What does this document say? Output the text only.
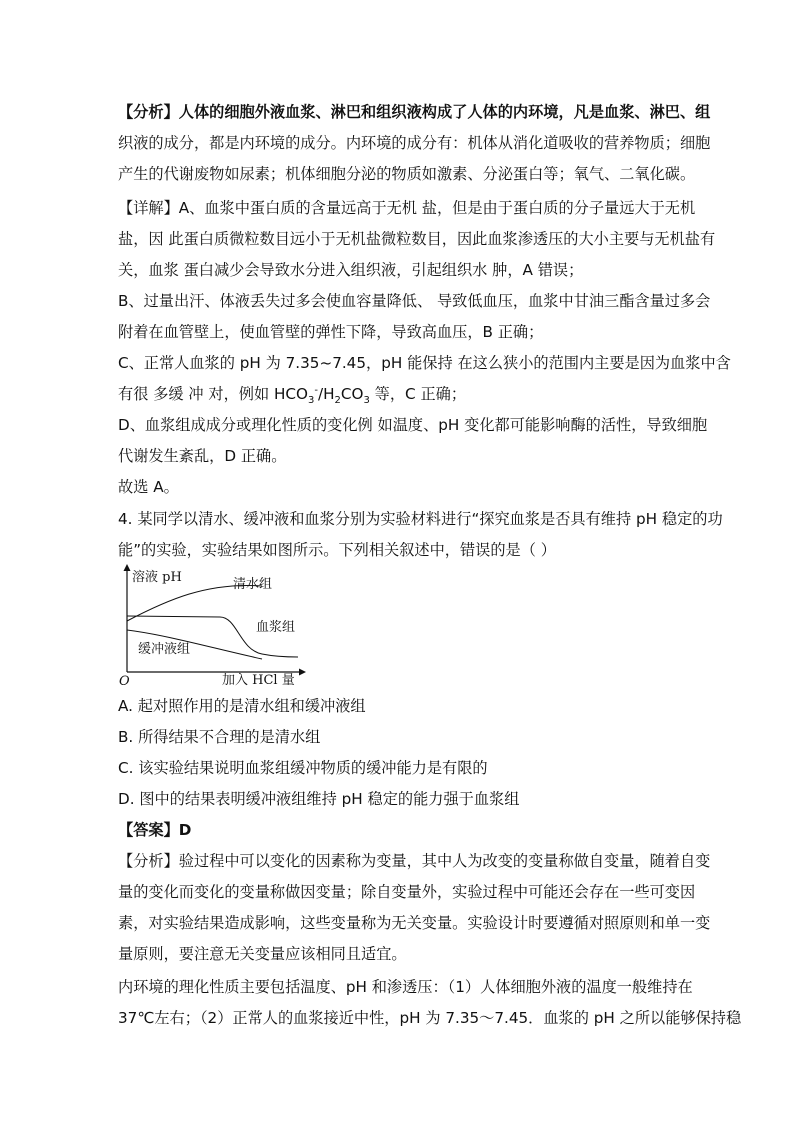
【分析】人体的细胞外液血浆、淋巴和组织液构成了人体的内环境，凡是血浆、淋巴、组
织液的成分，都是内环境的成分。内环境的成分有：机体从消化道吸收的营养物质；细胞
产生的代谢废物如尿素；机体细胞分泌的物质如激素、分泌蛋白等；氧气、二氧化碳。
【详解】A、血浆中蛋白质的含量远高于无机 盐，但是由于蛋白质的分子量远大于无机
盐，因 此蛋白质微粒数目远小于无机盐微粒数目，因此血浆渗透压的大小主要与无机盐有
关，血浆 蛋白减少会导致水分进入组织液，引起组织水 肿，A 错误；
B、过量出汗、体液丢失过多会使血容量降低、 导致低血压，血浆中甘油三酯含量过多会
附着在血管壁上，使血管壁的弹性下降，导致高血压，B 正确；
C、正常人血浆的 pH 为 7.35~7.45，pH 能保持 在这么狭小的范围内主要是因为血浆中含
有很 多缓 冲 对，例如 $HCO_3^-/H_2CO_3$ 等，C 正确；
D、血浆组成成分或理化性质的变化例 如温度、pH 变化都可能影响酶的活性，导致细胞
代谢发生紊乱，D 正确。
故选 A。
4. 某同学以清水、缓冲液和血浆分别为实验材料进行“探究血浆是否具有维持 pH 稳定的功
能”的实验，实验结果如图所示。下列相关叙述中，错误的是（ ）
溶液 pH	清水组
血浆组
缓冲液组
加入 HCl 量
O
A. 起对照作用的是清水组和缓冲液组
B. 所得结果不合理的是清水组
C. 该实验结果说明血浆组缓冲物质的缓冲能力是有限的
D. 图中的结果表明缓冲液组维持 pH 稳定的能力强于血浆组
【答案】D
【分析】验过程中可以变化的因素称为变量，其中人为改变的变量称做自变量，随着自变
量的变化而变化的变量称做因变量；除自变量外，实验过程中可能还会存在一些可变因
素，对实验结果造成影响，这些变量称为无关变量。实验设计时要遵循对照原则和单一变
量原则，要注意无关变量应该相同且适宜。
内环境的理化性质主要包括温度、pH 和渗透压：（1）人体细胞外液的温度一般维持在
37℃左右；（2）正常人的血浆接近中性，pH 为 7.35～7.45．血浆的 pH 之所以能够保持稳
